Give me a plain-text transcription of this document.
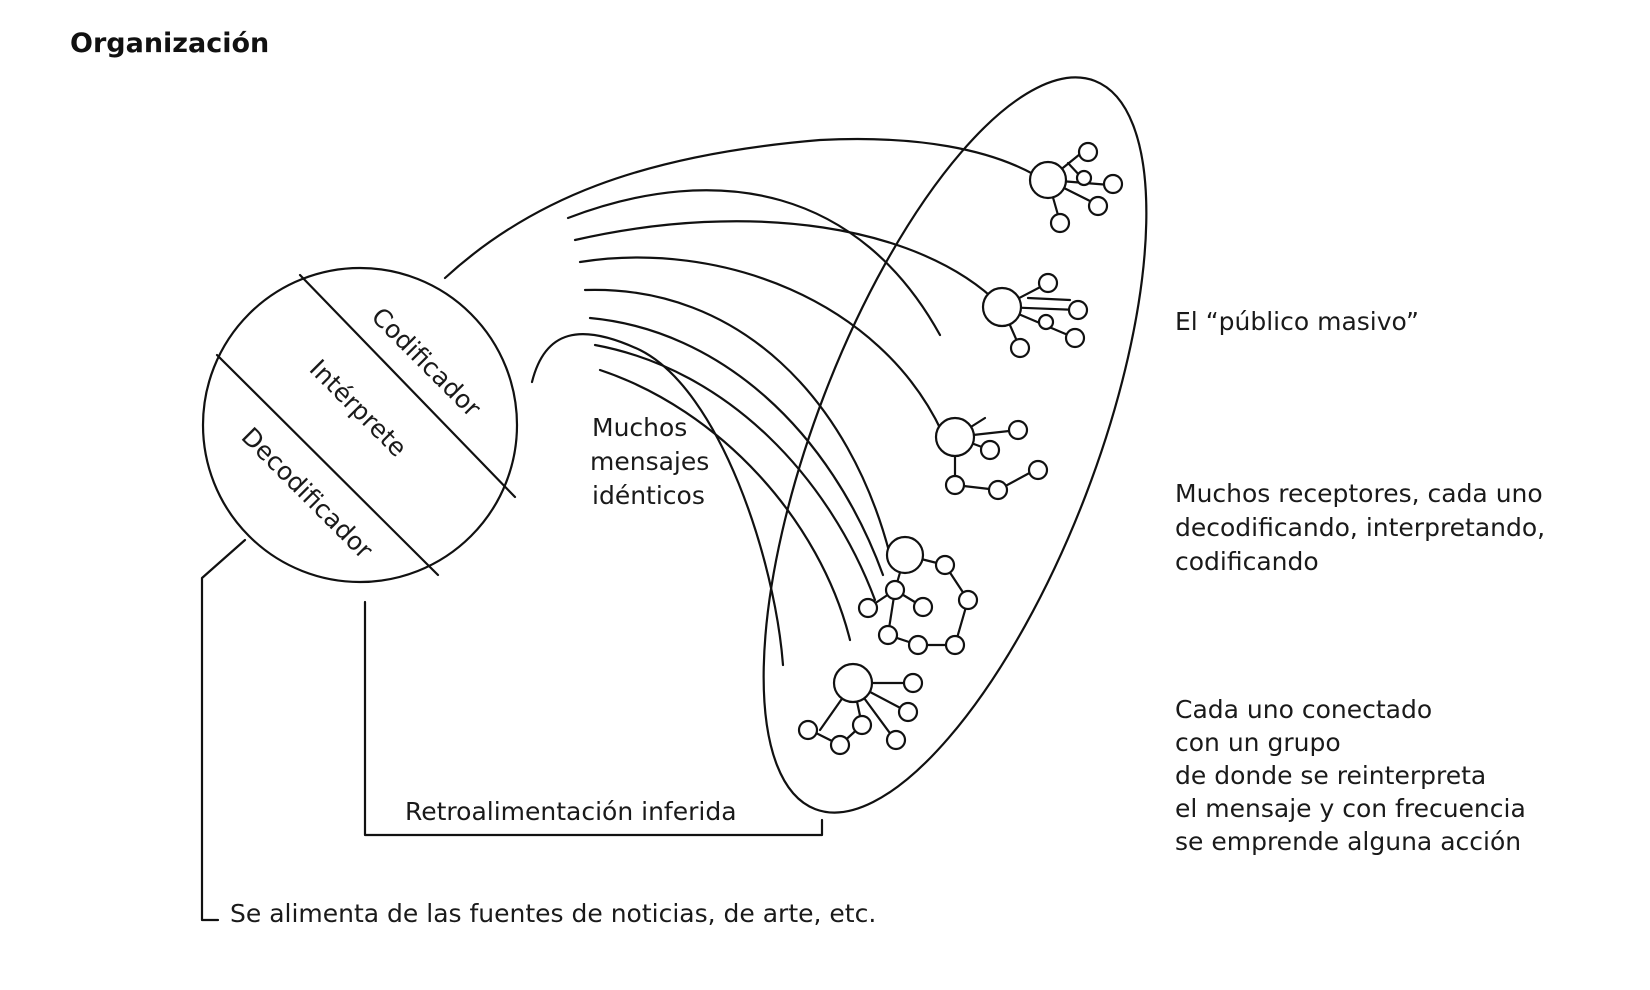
Organización
Codificador
Intérprete
Decodificador
Retroalimentación inferida
Se alimenta de las fuentes de noticias, de arte, etc.
Muchos
mensajes
idénticos
El “público masivo”
Muchos receptores, cada uno
decodificando, interpretando,
codificando
Cada uno conectado
con un grupo
de donde se reinterpreta
el mensaje y con frecuencia
se emprende alguna acción
